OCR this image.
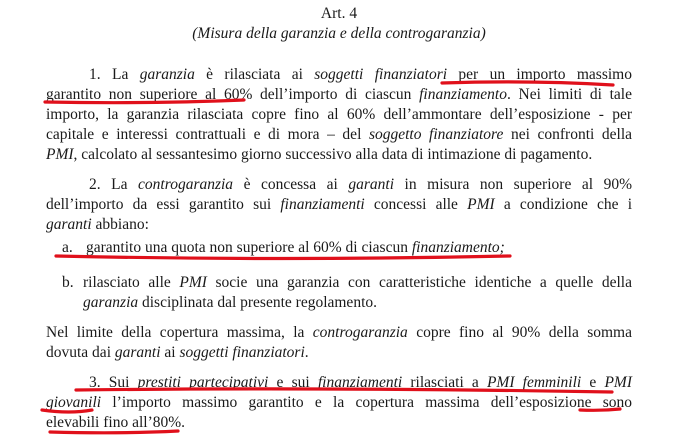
Art. 4

(Misura della garanzia e della controgaranzia)

1. La garanzia è rilasciata ai soggetti finanziatori per un importo massimo

garantito non superiore al 60% dell’importo di ciascun finanziamento. Nei limiti di tale

importo, la garanzia rilasciata copre fino al 60% dell’ammontare dell’esposizione - per

capitale e interessi contrattuali e di mora – del soggetto finanziatore nei confronti della

PMI, calcolato al sessantesimo giorno successivo alla data di intimazione di pagamento.

2. La controgaranzia è concessa ai garanti in misura non superiore al 90%

dell’importo da essi garantito sui finanziamenti concessi alle PMI a condizione che i

garanti abbiano:

a. garantito una quota non superiore al 60% di ciascun finanziamento;

b. rilasciato alle PMI socie una garanzia con caratteristiche identiche a quelle della

garanzia disciplinata dal presente regolamento.

Nel limite della copertura massima, la controgaranzia copre fino al 90% della somma

dovuta dai garanti ai soggetti finanziatori.

3. Sui prestiti partecipativi e sui finanziamenti rilasciati a PMI femminili e PMI

giovanili l’importo massimo garantito e la copertura massima dell’esposizione sono

elevabili fino all’80%.
